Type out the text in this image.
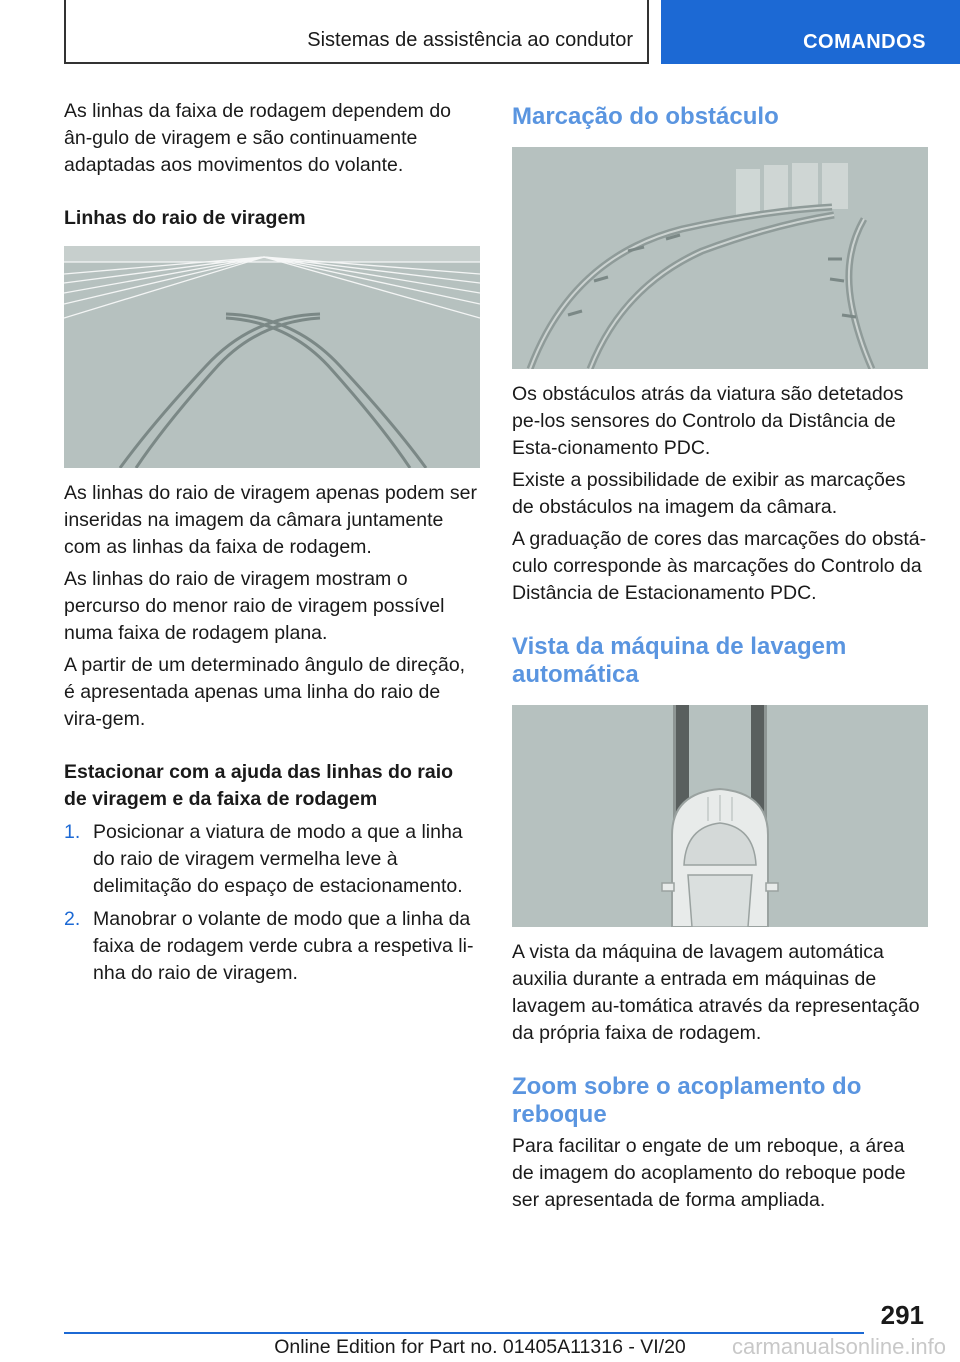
Sistemas de assistência ao condutor	COMANDOS

As linhas da faixa de rodagem dependem do ân-gulo de viragem e são continuamente adaptadas aos movimentos do volante.

Linhas do raio de viragem

As linhas do raio de viragem apenas podem ser inseridas na imagem da câmara juntamente com as linhas da faixa de rodagem.

As linhas do raio de viragem mostram o percurso do menor raio de viragem possível numa faixa de rodagem plana.

A partir de um determinado ângulo de direção, é apresentada apenas uma linha do raio de vira-gem.

Estacionar com a ajuda das linhas do raio de viragem e da faixa de rodagem
1. Posicionar a viatura de modo a que a linha do raio de viragem vermelha leve à delimitação do espaço de estacionamento.
2. Manobrar o volante de modo que a linha da faixa de rodagem verde cubra a respetiva li-nha do raio de viragem.
Marcação do obstáculo

Os obstáculos atrás da viatura são detetados pe-los sensores do Controlo da Distância de Esta-cionamento PDC.

Existe a possibilidade de exibir as marcações de obstáculos na imagem da câmara.

A graduação de cores das marcações do obstá-culo corresponde às marcações do Controlo da Distância de Estacionamento PDC.

Vista da máquina de lavagem automática

A vista da máquina de lavagem automática auxilia durante a entrada em máquinas de lavagem au-tomática através da representação da própria faixa de rodagem.

Zoom sobre o acoplamento do reboque

Para facilitar o engate de um reboque, a área de imagem do acoplamento do reboque pode ser apresentada de forma ampliada.

291
Online Edition for Part no. 01405A11316 - VI/20	carmanualsonline.info
